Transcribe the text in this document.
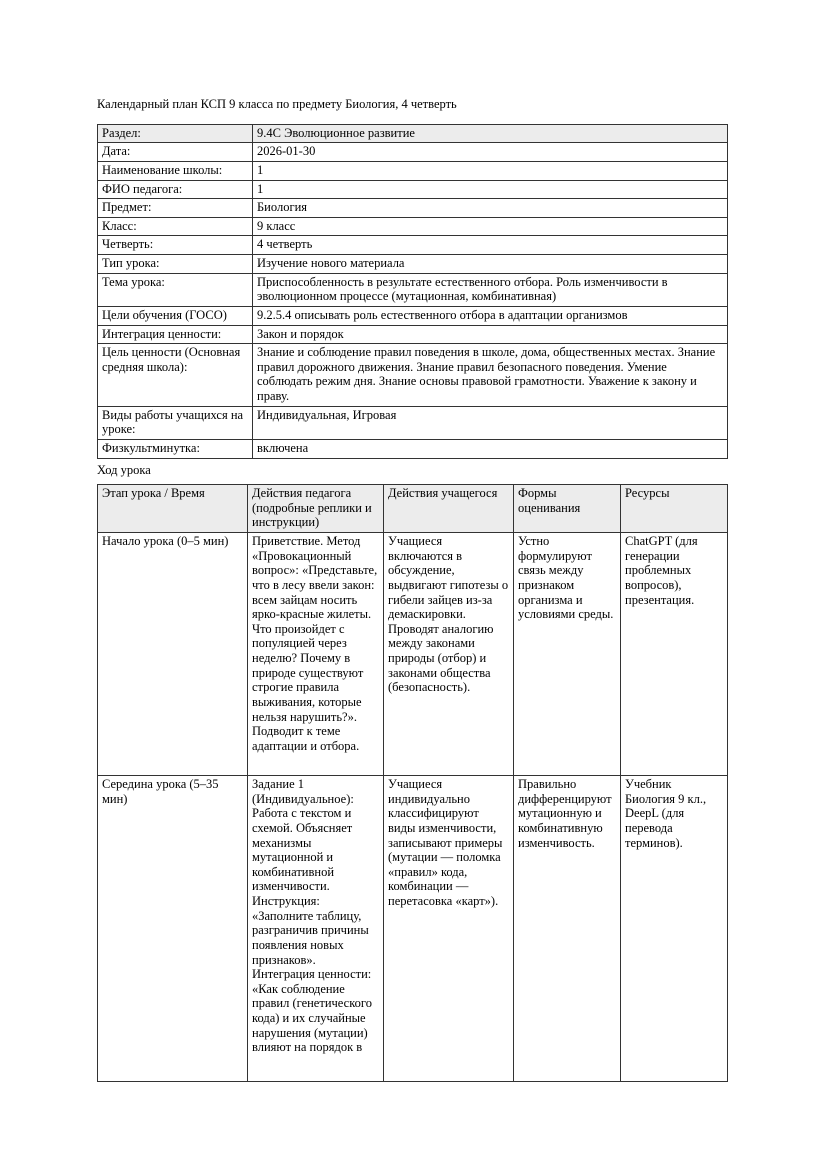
Календарный план КСП 9 класса по предмету Биология, 4 четверть

Раздел:	9.4C Эволюционное развитие
Дата:	2026-01-30
Наименование школы:	1
ФИО педагога:	1
Предмет:	Биология
Класс:	9 класс
Четверть:	4 четверть
Тип урока:	Изучение нового материала
Тема урока:	Приспособленность в результате естественного отбора. Роль изменчивости в эволюционном процессе (мутационная, комбинативная)
Цели обучения (ГОСО)	9.2.5.4 описывать роль естественного отбора в адаптации организмов
Интеграция ценности:	Закон и порядок
Цель ценности (Основная средняя школа):	Знание и соблюдение правил поведения в школе, дома, общественных местах. Знание правил дорожного движения. Знание правил безопасного поведения. Умение соблюдать режим дня. Знание основы правовой грамотности. Уважение к закону и праву.
Виды работы учащихся на уроке:	Индивидуальная, Игровая
Физкультминутка:	включена

Ход урока

Этап урока / Время	Действия педагога (подробные реплики и инструкции)	Действия учащегося	Формы оценивания	Ресурсы
Начало урока (0–5 мин)	Приветствие. Метод «Провокационный вопрос»: «Представьте, что в лесу ввели закон: всем зайцам носить ярко-красные жилеты. Что произойдет с популяцией через неделю? Почему в природе существуют строгие правила выживания, которые нельзя нарушить?». Подводит к теме адаптации и отбора.	Учащиеся включаются в обсуждение, выдвигают гипотезы о гибели зайцев из-за демаскировки. Проводят аналогию между законами природы (отбор) и законами общества (безопасность).	Устно формулируют связь между признаком организма и условиями среды.	ChatGPT (для генерации проблемных вопросов), презентация.
Середина урока (5–35 мин)	Задание 1 (Индивидуальное): Работа с текстом и схемой. Объясняет механизмы мутационной и комбинативной изменчивости. Инструкция: «Заполните таблицу, разграничив причины появления новых признаков». Интеграция ценности: «Как соблюдение правил (генетического кода) и их случайные нарушения (мутации) влияют на порядок в	Учащиеся индивидуально классифицируют виды изменчивости, записывают примеры (мутации — поломка «правил» кода, комбинации — перетасовка «карт»).	Правильно дифференцируют мутационную и комбинативную изменчивость.	Учебник Биология 9 кл., DeepL (для перевода терминов).
